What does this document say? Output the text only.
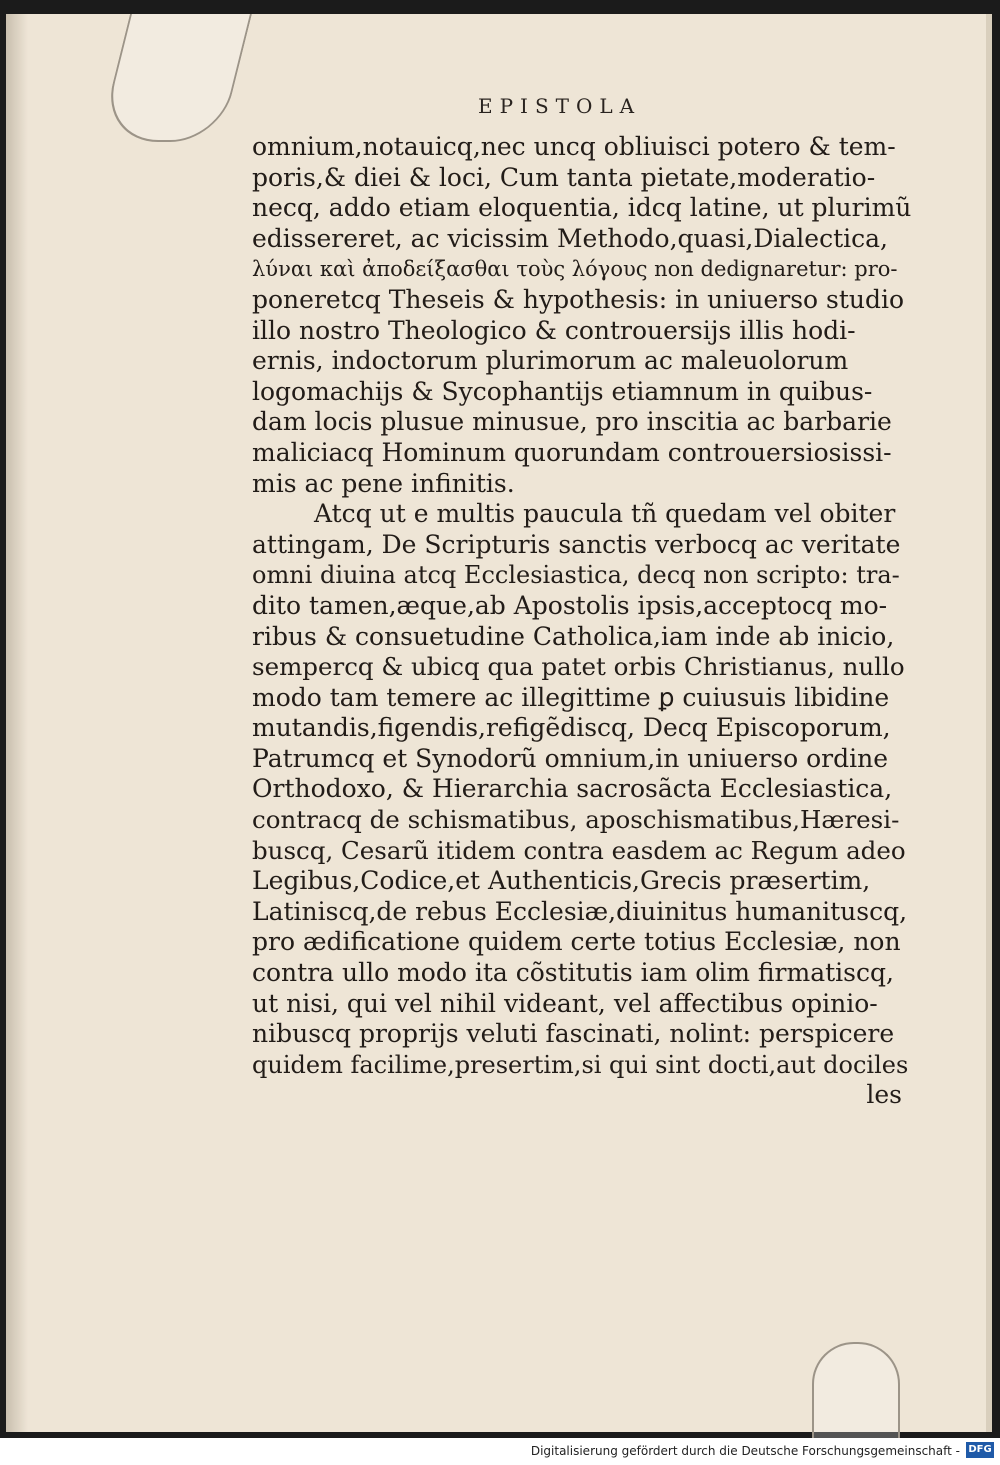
EPISTOLA
omnium,notauicq,nec uncq obliuisci potero & tem-
poris,& diei & loci, Cum tanta pietate,moderatio-
necq, addo etiam eloquentia, idcq latine, ut plurimũ
edissereret, ac vicissim Methodo,quasi,Dialectica,
λύναι καὶ ἀποδείξασθαι τοὺς λόγους non dedignaretur: pro-
poneretcq Theseis & hypothesis: in uniuerso studio
illo nostro Theologico & controuersijs illis hodi-
ernis, indoctorum plurimorum ac maleuolorum
logomachijs & Sycophantijs etiamnum in quibus-
dam locis plusue minusue, pro inscitia ac barbarie
maliciacq Hominum quorundam controuersiosissi-
mis ac pene infinitis.
Atcq ut e multis paucula tñ quedam vel obiter
attingam, De Scripturis sanctis verbocq ac veritate
omni diuina atcq Ecclesiastica, decq non scripto: tra-
dito tamen,æque,ab Apostolis ipsis,acceptocq mo-
ribus & consuetudine Catholica,iam inde ab inicio,
sempercq & ubicq qua patet orbis Christianus, nullo
modo tam temere ac illegittime ꝑ cuiusuis libidine
mutandis,figendis,refigẽdiscq, Decq Episcoporum,
Patrumcq et Synodorũ omnium,in uniuerso ordine
Orthodoxo, & Hierarchia sacrosãcta Ecclesiastica,
contracq de schismatibus, aposchismatibus,Hæresi-
buscq, Cesarũ itidem contra easdem ac Regum adeo
Legibus,Codice,et Authenticis,Grecis præsertim,
Latiniscq,de rebus Ecclesiæ,diuinitus humanituscq,
pro ædificatione quidem certe totius Ecclesiæ, non
contra ullo modo ita cõstitutis iam olim firmatiscq,
ut nisi, qui vel nihil videant, vel affectibus opinio-
nibuscq proprijs veluti fascinati, nolint: perspicere
quidem facilime,presertim,si qui sint docti,aut dociles
les
Digitalisierung gefördert durch die Deutsche Forschungsgemeinschaft - DFG
